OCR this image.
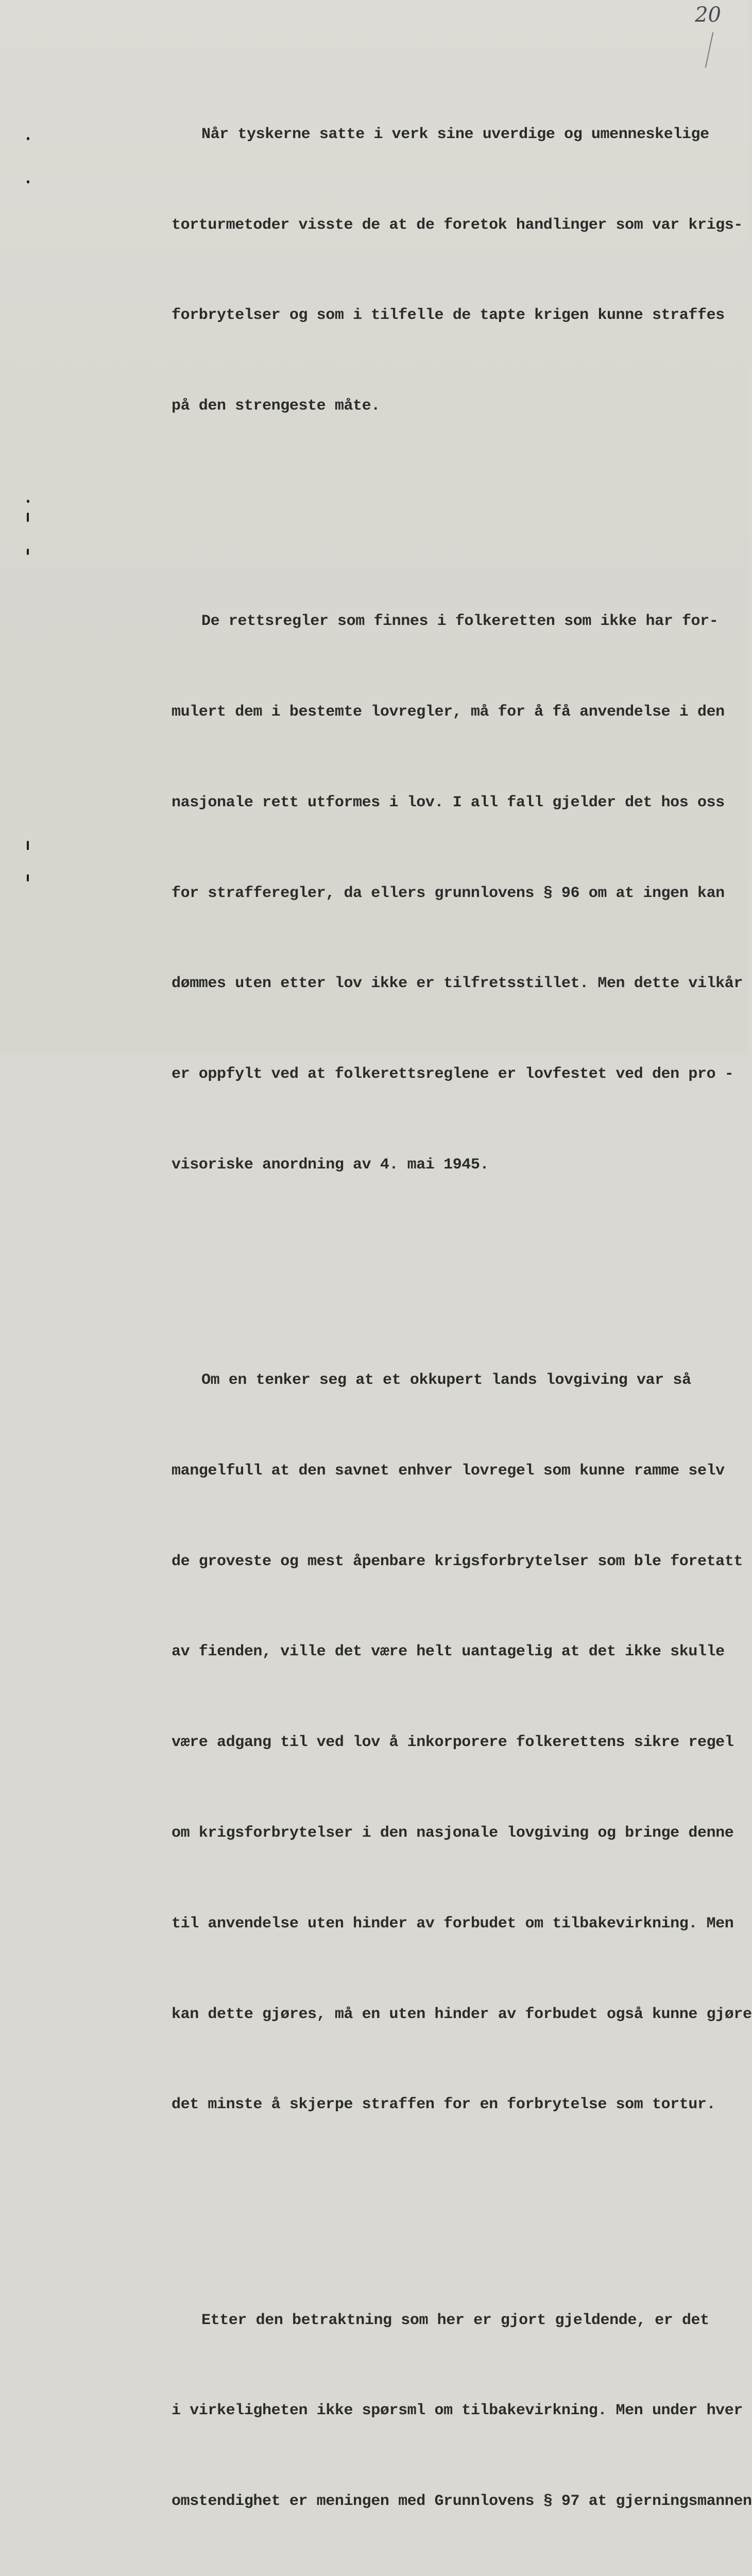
20

Når tyskerne satte i verk sine uverdige og umenneskelige

torturmetoder visste de at de foretok handlinger som var krigs-

forbrytelser og som i tilfelle de tapte krigen kunne straffes

på den strengeste måte.

De rettsregler som finnes i folkeretten som ikke har for-

mulert dem i bestemte lovregler, må for å få anvendelse i den

nasjonale rett utformes i lov. I all fall gjelder det hos oss

for strafferegler, da ellers grunnlovens § 96 om at ingen kan

dømmes uten etter lov ikke er tilfretsstillet. Men dette vilkår

er oppfylt ved at folkerettsreglene er lovfestet ved den pro -

visoriske anordning av 4. mai 1945.

Om en tenker seg at et okkupert lands lovgiving var så

mangelfull at den savnet enhver lovregel som kunne ramme selv

de groveste og mest åpenbare krigsforbrytelser som ble foretatt

av fienden, ville det være helt uantagelig at det ikke skulle

være adgang til ved lov å inkorporere folkerettens sikre regel

om krigsforbrytelser i den nasjonale lovgiving og bringe denne

til anvendelse uten hinder av forbudet om tilbakevirkning. Men

kan dette gjøres, må en uten hinder av forbudet også kunne gjøre

det minste å skjerpe straffen for en forbrytelse som tortur.

Etter den betraktning som her er gjort gjeldende, er det

i virkeligheten ikke spørsml om tilbakevirkning. Men under hver

omstendighet er meningen med Grunnlovens § 97 at gjerningsmannen
